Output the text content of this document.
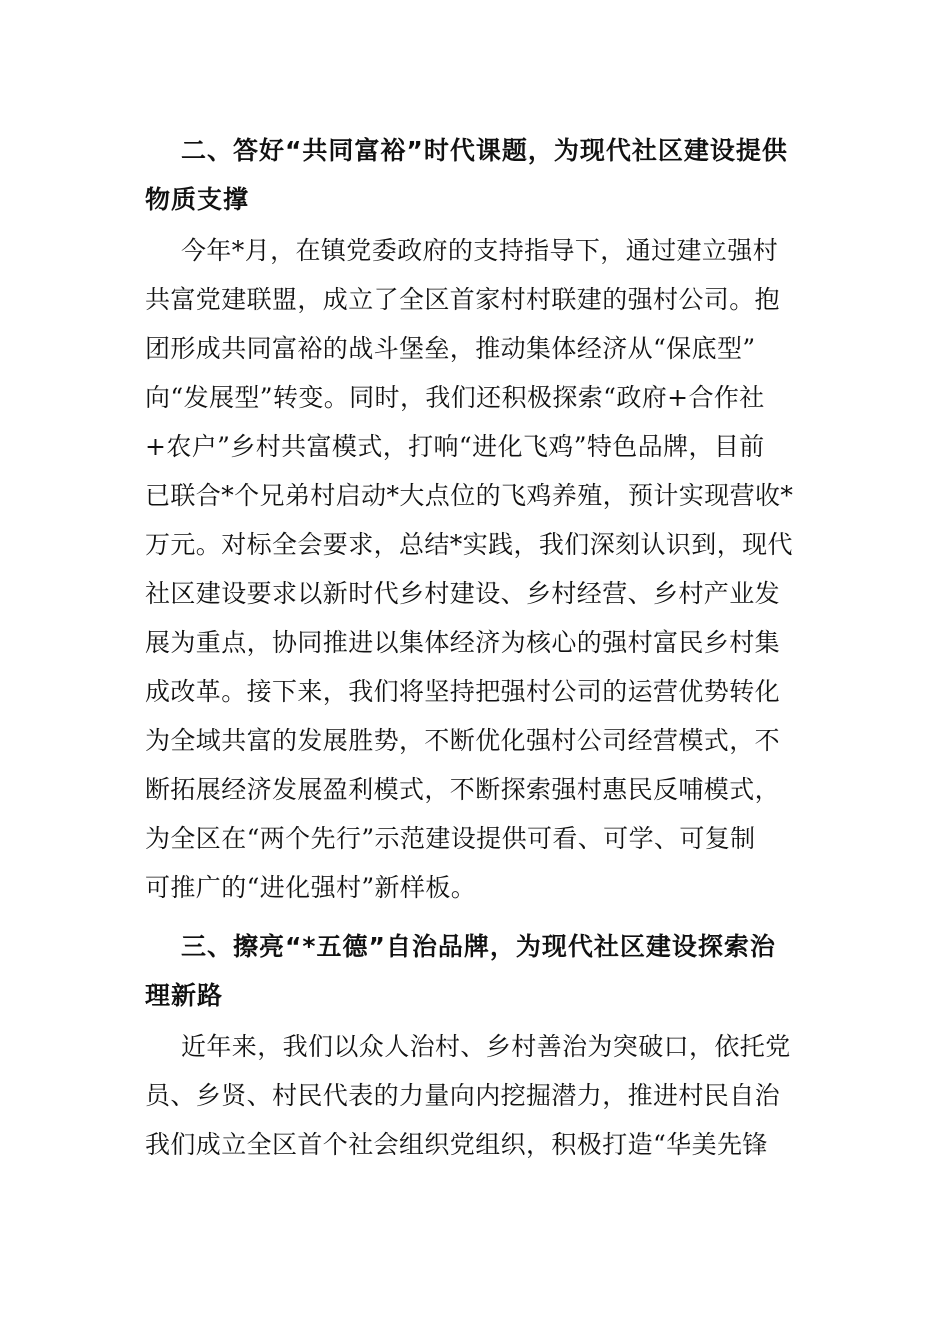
二、答好“共同富裕”时代课题，为现代社区建设提供
物质支撑
今年*月，在镇党委政府的支持指导下，通过建立强村
共富党建联盟，成立了全区首家村村联建的强村公司。抱
团形成共同富裕的战斗堡垒，推动集体经济从“保底型”
向“发展型”转变。同时，我们还积极探索“政府+合作社
+农户”乡村共富模式，打响“进化飞鸡”特色品牌，目前
已联合*个兄弟村启动*大点位的飞鸡养殖，预计实现营收*
万元。对标全会要求，总结*实践，我们深刻认识到，现代
社区建设要求以新时代乡村建设、乡村经营、乡村产业发
展为重点，协同推进以集体经济为核心的强村富民乡村集
成改革。接下来，我们将坚持把强村公司的运营优势转化
为全域共富的发展胜势，不断优化强村公司经营模式，不
断拓展经济发展盈利模式，不断探索强村惠民反哺模式，
为全区在“两个先行”示范建设提供可看、可学、可复制
可推广的“进化强村”新样板。
三、擦亮“*五德”自治品牌，为现代社区建设探索治
理新路
近年来，我们以众人治村、乡村善治为突破口，依托党
员、乡贤、村民代表的力量向内挖掘潜力，推进村民自治
我们成立全区首个社会组织党组织，积极打造“华美先锋
